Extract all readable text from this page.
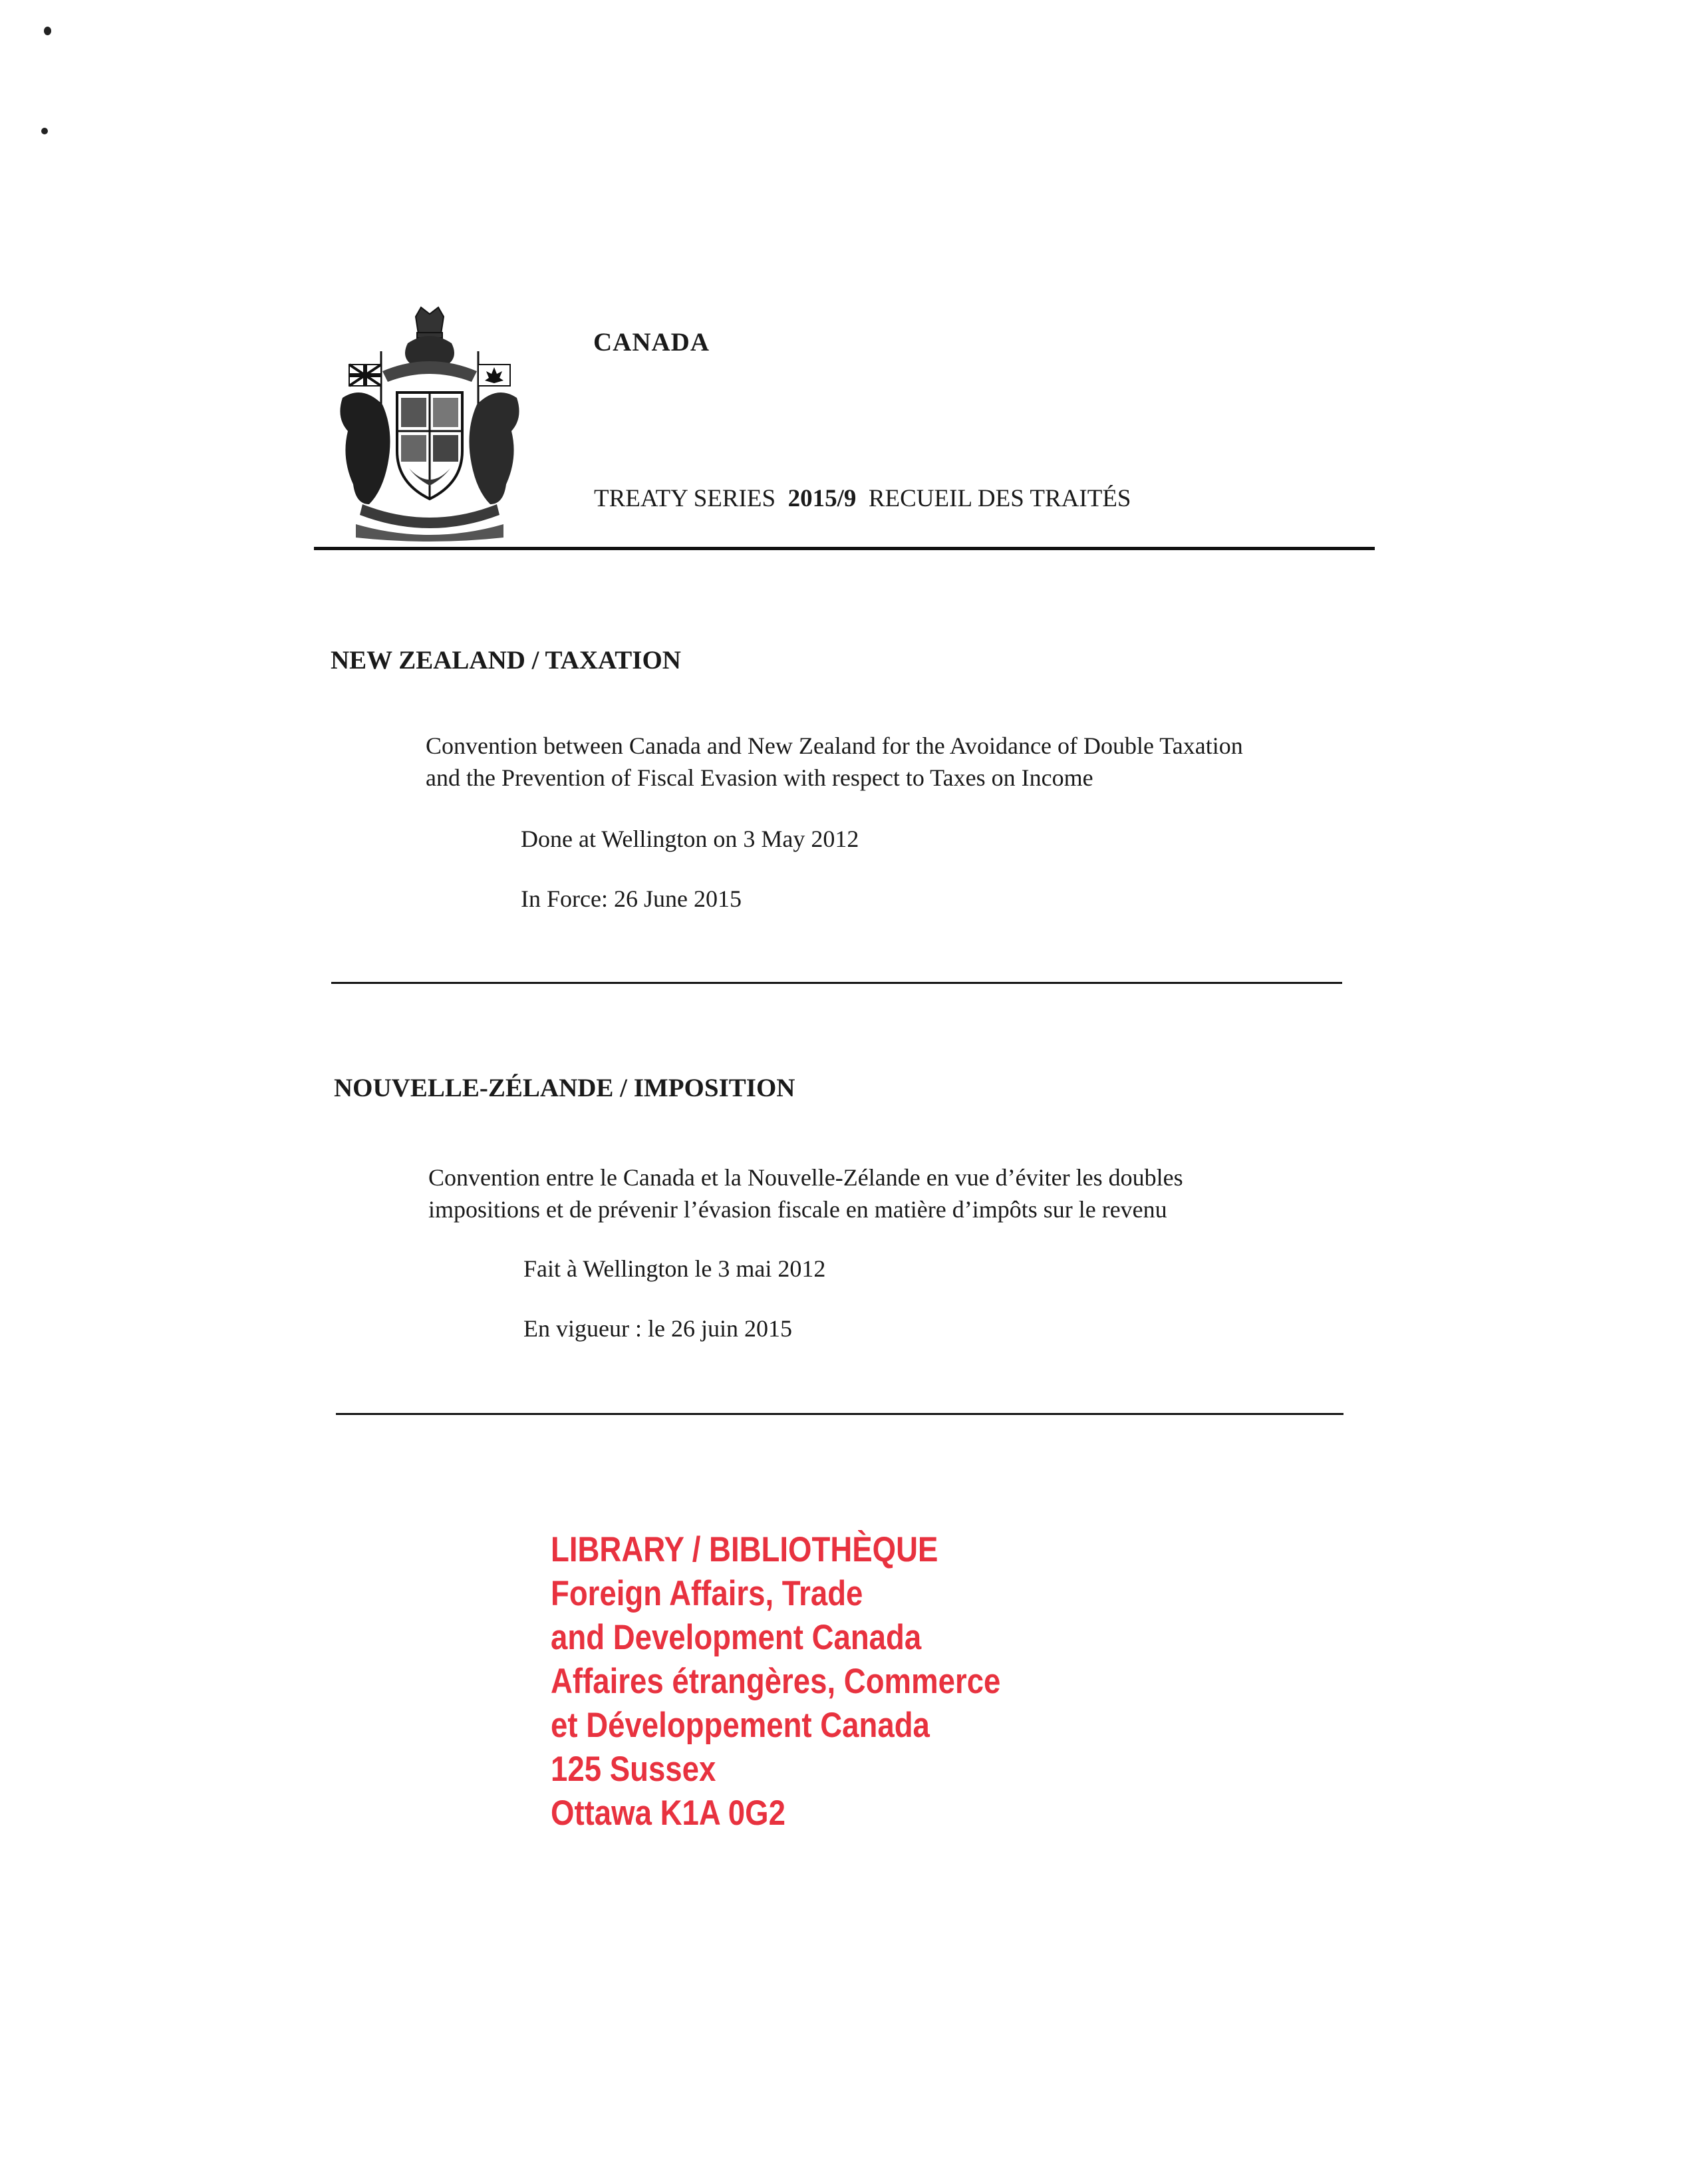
CANADA
TREATY SERIES 2015/9 RECUEIL DES TRAITÉS
NEW ZEALAND / TAXATION
Convention between Canada and New Zealand for the Avoidance of Double Taxation
and the Prevention of Fiscal Evasion with respect to Taxes on Income
Done at Wellington on 3 May 2012
In Force: 26 June 2015
NOUVELLE-ZÉLANDE / IMPOSITION
Convention entre le Canada et la Nouvelle-Zélande en vue d’éviter les doubles
impositions et de prévenir l’évasion fiscale en matière d’impôts sur le revenu
Fait à Wellington le 3 mai 2012
En vigueur : le 26 juin 2015
LIBRARY / BIBLIOTHÈQUE
Foreign Affairs, Trade
and Development Canada
Affaires étrangères, Commerce
et Développement Canada
125 Sussex
Ottawa K1A 0G2
